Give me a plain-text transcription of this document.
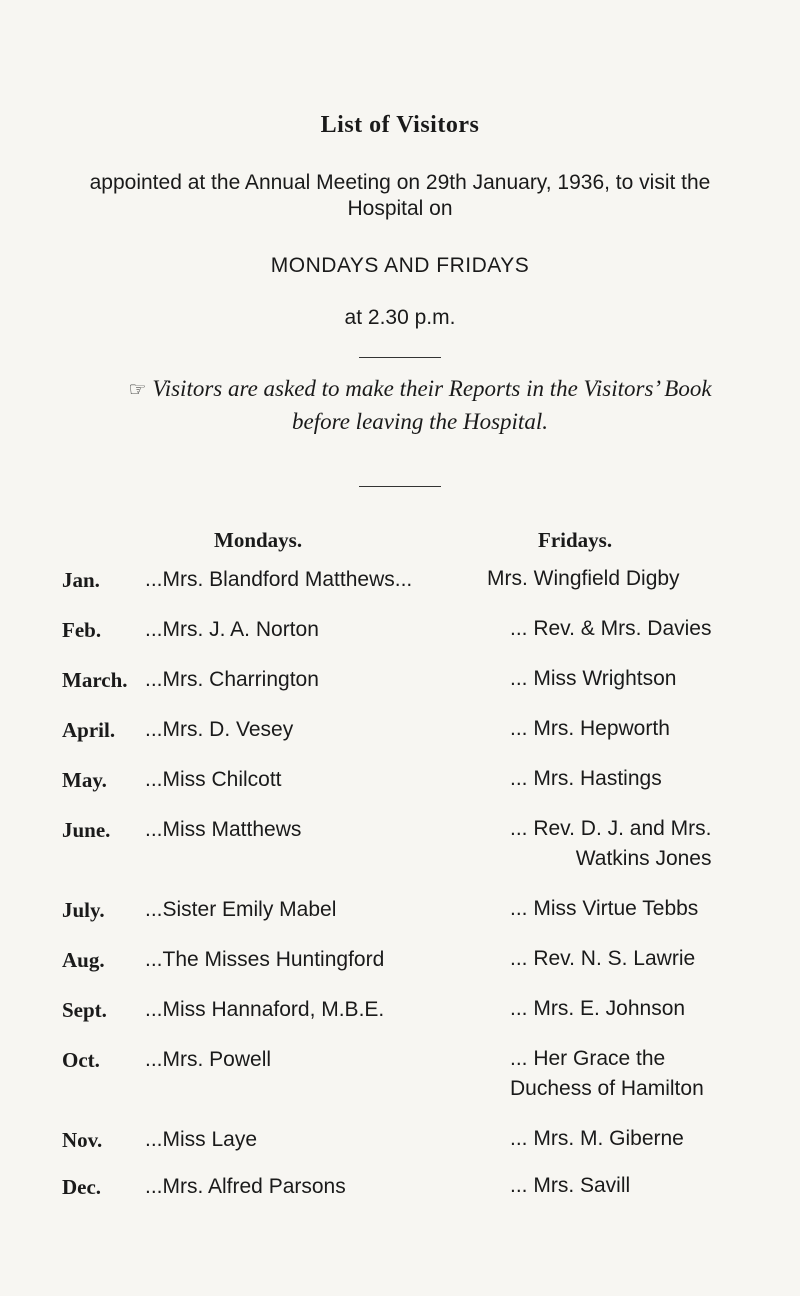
List of Visitors
appointed at the Annual Meeting on 29th January, 1936, to visit the Hospital on
MONDAYS AND FRIDAYS
at 2.30 p.m.
☞ Visitors are asked to make their Reports in the Visitors’ Book before leaving the Hospital.
Mondays.	Fridays.
Jan. ...Mrs. Blandford Matthews...	Mrs. Wingfield Digby
Feb. ...Mrs. J. A. Norton	... Rev. & Mrs. Davies
March. ...Mrs. Charrington	... Miss Wrightson
April. ...Mrs. D. Vesey	... Mrs. Hepworth
May. ...Miss Chilcott	... Mrs. Hastings
June. ...Miss Matthews	... Rev. D. J. and Mrs.
Watkins Jones
July. ...Sister Emily Mabel	... Miss Virtue Tebbs
Aug. ...The Misses Huntingford	... Rev. N. S. Lawrie
Sept. ...Miss Hannaford, M.B.E.	... Mrs. E. Johnson
Oct. ...Mrs. Powell	... Her Grace the
Duchess of Hamilton
Nov. ...Miss Laye	... Mrs. M. Giberne
Dec. ...Mrs. Alfred Parsons	... Mrs. Savill
